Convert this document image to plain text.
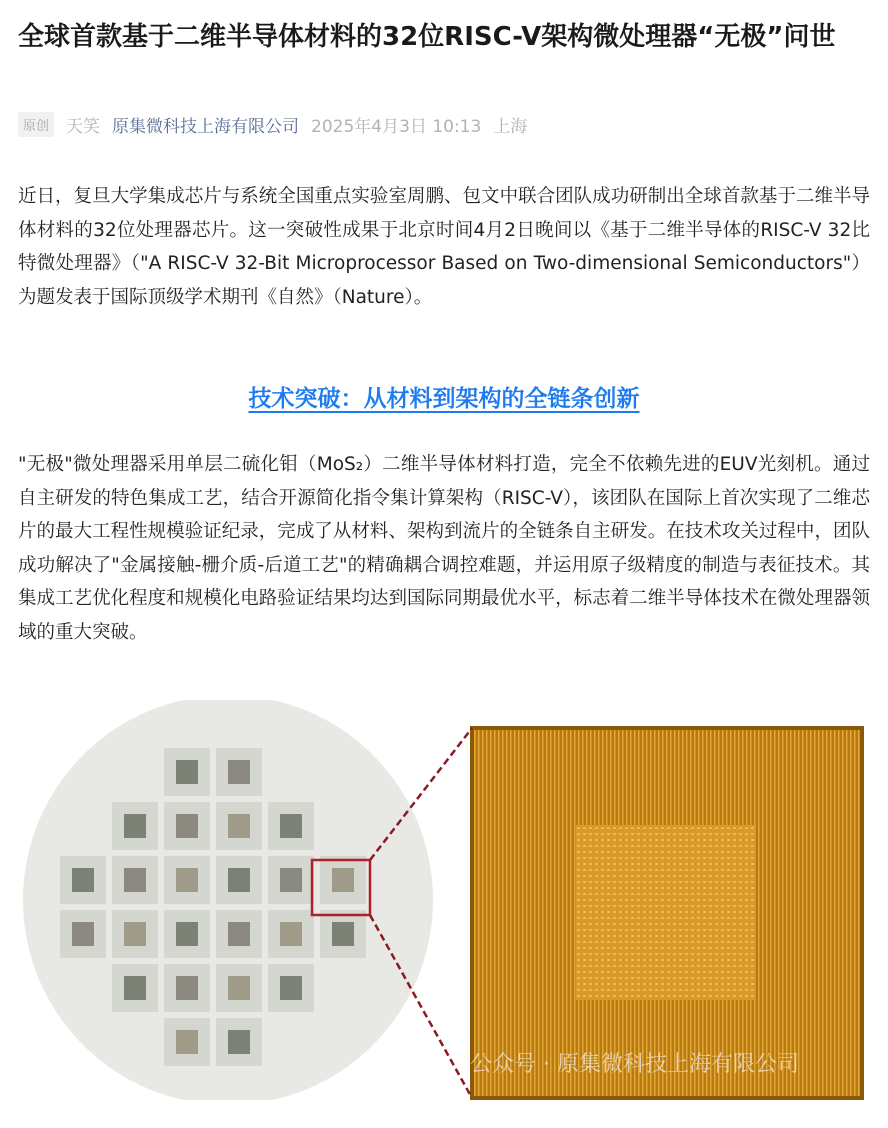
全球首款基于二维半导体材料的32位RISC-V架构微处理器“无极”问世
原创 天笑 原集微科技上海有限公司 2025年4月3日 10:13 上海

近日，复旦大学集成芯片与系统全国重点实验室周鹏、包文中联合团队成功研制出全球首款基于二维半导体材料的32位处理器芯片。这一突破性成果于北京时间4月2日晚间以《基于二维半导体的RISC-V 32比特微处理器》（"A RISC-V 32-Bit Microprocessor Based on Two-dimensional Semiconductors"）为题发表于国际顶级学术期刊《自然》（Nature）。

技术突破：从材料到架构的全链条创新

"无极"微处理器采用单层二硫化钼（MoS₂）二维半导体材料打造，完全不依赖先进的EUV光刻机。通过自主研发的特色集成工艺，结合开源简化指令集计算架构（RISC-V），该团队在国际上首次实现了二维芯片的最大工程性规模验证纪录，完成了从材料、架构到流片的全链条自主研发。在技术攻关过程中，团队成功解决了"金属接触-栅介质-后道工艺"的精确耦合调控难题，并运用原子级精度的制造与表征技术。其集成工艺优化程度和规模化电路验证结果均达到国际同期最优水平，标志着二维半导体技术在微处理器领域的重大突破。

公众号 · 原集微科技上海有限公司
